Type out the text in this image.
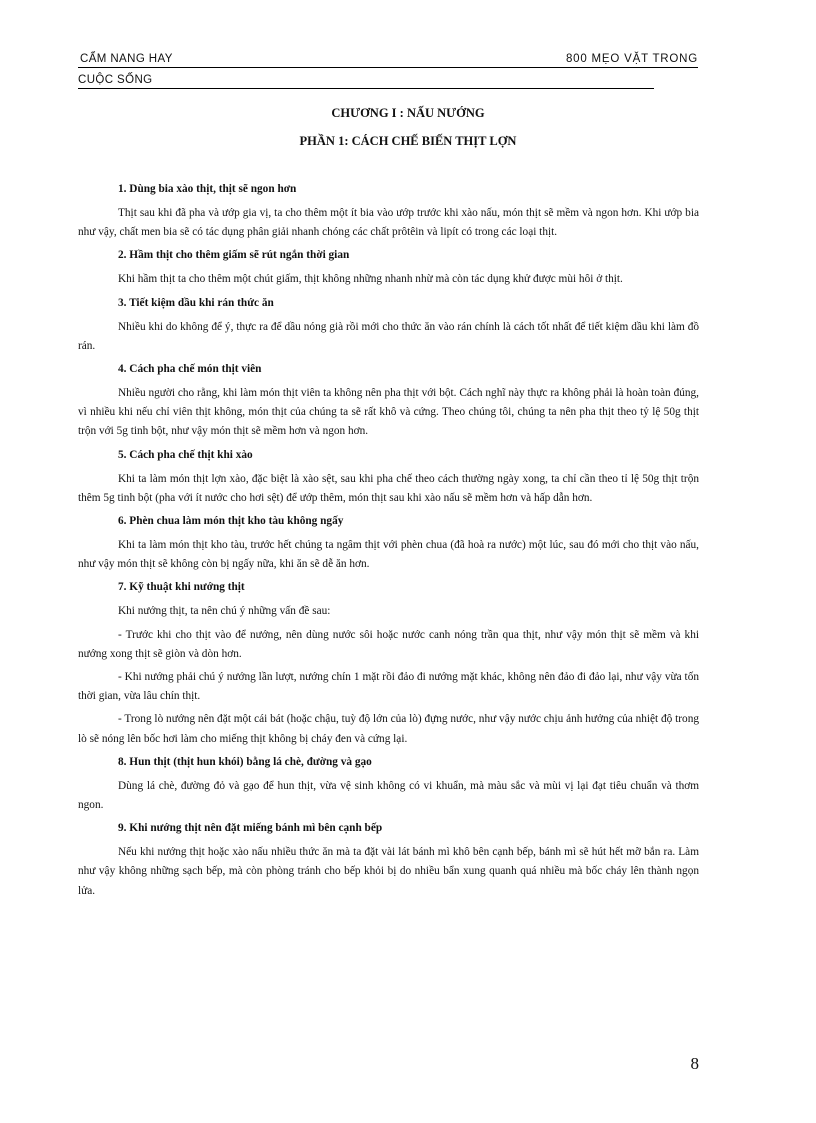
CẨM NANG HAY	800 MẸO VẶT TRONG
CUỘC SỐNG
CHƯƠNG I : NẤU NƯỚNG
PHẦN 1: CÁCH CHẾ BIẾN THỊT LỢN
1. Dùng bia xào thịt, thịt sẽ ngon hơn

Thịt sau khi đã pha và ướp gia vị, ta cho thêm một ít bia vào ướp trước khi xào nấu, món thịt sẽ mềm và ngon hơn. Khi ướp bia như vậy, chất men bia sẽ có tác dụng phân giải nhanh chóng các chất prôtêin và lipít có trong các loại thịt.

2. Hầm thịt cho thêm giấm sẽ rút ngắn thời gian

Khi hầm thịt ta cho thêm một chút giấm, thịt không những nhanh nhừ mà còn tác dụng khử được mùi hôi ở thịt.

3. Tiết kiệm dầu khi rán thức ăn

Nhiều khi do không để ý, thực ra để dầu nóng già rồi mới cho thức ăn vào rán chính là cách tốt nhất để tiết kiệm dầu khi làm đồ rán.

4. Cách pha chế món thịt viên

Nhiều người cho rằng, khi làm món thịt viên ta không nên pha thịt với bột. Cách nghĩ này thực ra không phải là hoàn toàn đúng, vì nhiều khi nếu chỉ viên thịt không, món thịt của chúng ta sẽ rất khô và cứng. Theo chúng tôi, chúng ta nên pha thịt theo tỷ lệ 50g thịt trộn với 5g tinh bột, như vậy món thịt sẽ mềm hơn và ngon hơn.

5. Cách pha chế thịt khi xào

Khi ta làm món thịt lợn xào, đặc biệt là xào sệt, sau khi pha chế theo cách thường ngày xong, ta chỉ cần theo tỉ lệ 50g thịt trộn thêm 5g tinh bột (pha với ít nước cho hơi sệt) để ướp thêm, món thịt sau khi xào nấu sẽ mềm hơn và hấp dẫn hơn.

6. Phèn chua làm món thịt kho tàu không ngấy

Khi ta làm món thịt kho tàu, trước hết chúng ta ngâm thịt với phèn chua (đã hoà ra nước) một lúc, sau đó mới cho thịt vào nấu, như vậy món thịt sẽ không còn bị ngấy nữa, khi ăn sẽ dễ ăn hơn.

7. Kỹ thuật khi nướng thịt

Khi nướng thịt, ta nên chú ý những vấn đề sau:

- Trước khi cho thịt vào để nướng, nên dùng nước sôi hoặc nước canh nóng trần qua thịt, như vậy món thịt sẽ mềm và khi nướng xong thịt sẽ giòn và dòn hơn.

- Khi nướng phải chú ý nướng lần lượt, nướng chín 1 mặt rồi đảo đi nướng mặt khác, không nên đảo đi đảo lại, như vậy vừa tốn thời gian, vừa lâu chín thịt.

- Trong lò nướng nên đặt một cái bát (hoặc chậu, tuỳ độ lớn của lò) đựng nước, như vậy nước chịu ảnh hưởng của nhiệt độ trong lò sẽ nóng lên bốc hơi làm cho miếng thịt không bị cháy đen và cứng lại.

8. Hun thịt (thịt hun khói) bằng lá chè, đường và gạo

Dùng lá chè, đường đỏ và gạo để hun thịt, vừa vệ sinh không có vi khuẩn, mà màu sắc và mùi vị lại đạt tiêu chuẩn và thơm ngon.

9. Khi nướng thịt nên đặt miếng bánh mì bên cạnh bếp

Nếu khi nướng thịt hoặc xào nấu nhiều thức ăn mà ta đặt vài lát bánh mì khô bên cạnh bếp, bánh mì sẽ hút hết mỡ bắn ra. Làm như vậy không những sạch bếp, mà còn phòng tránh cho bếp khỏi bị do nhiều bẩn xung quanh quá nhiều mà bốc cháy lên thành ngọn lửa.

8
